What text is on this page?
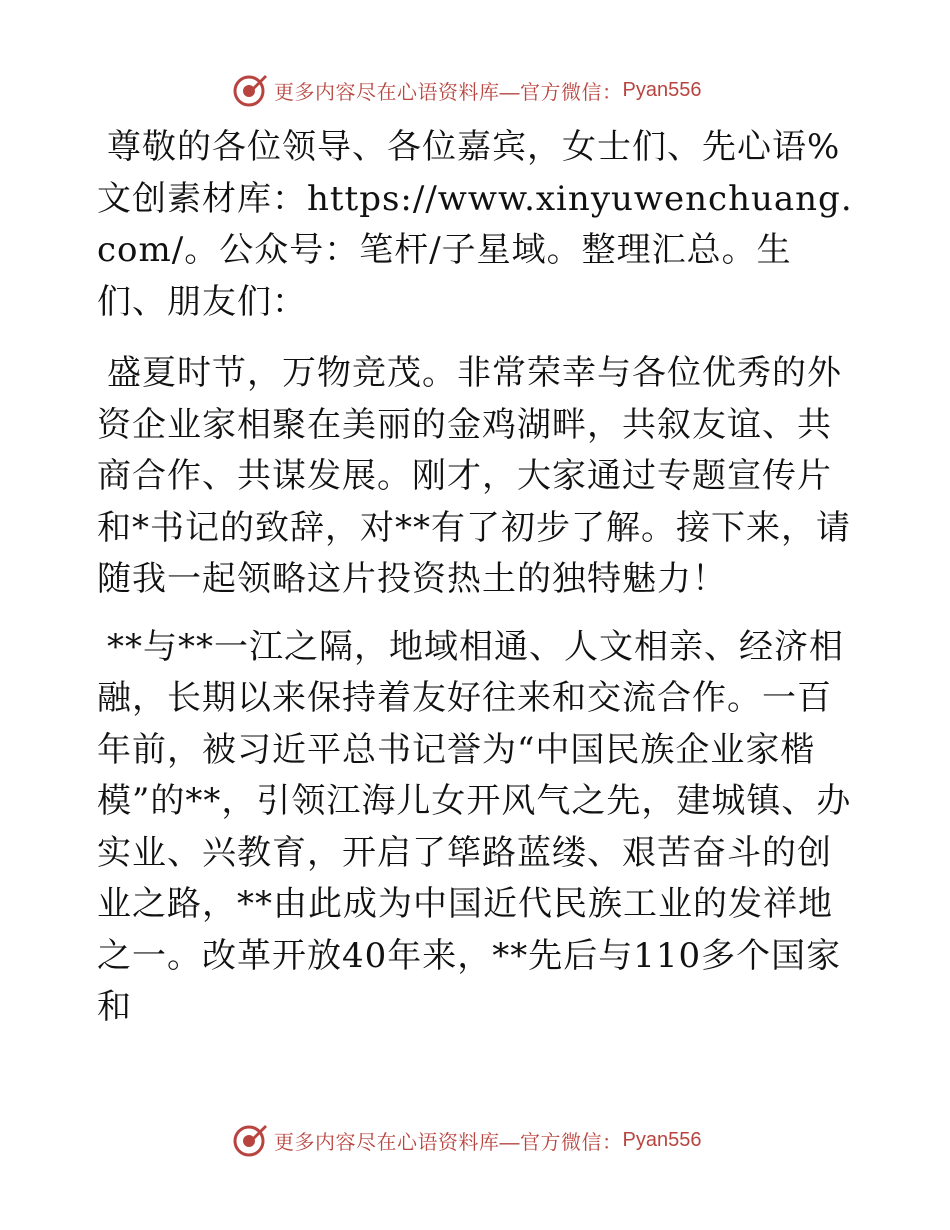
更多内容尽在心语资料库—官方微信： Pyan556

尊敬的各位领导、各位嘉宾，女士们、先心语%文创素材库：https://www.xinyuwenchuang.com/。公众号：笔杆/子星域。整理汇总。生们、朋友们：

盛夏时节，万物竞茂。非常荣幸与各位优秀的外资企业家相聚在美丽的金鸡湖畔，共叙友谊、共商合作、共谋发展。刚才，大家通过专题宣传片和*书记的致辞，对**有了初步了解。接下来，请随我一起领略这片投资热土的独特魅力！

**与**一江之隔，地域相通、人文相亲、经济相融，长期以来保持着友好往来和交流合作。一百年前，被习近平总书记誉为“中国民族企业家楷模”的**，引领江海儿女开风气之先，建城镇、办实业、兴教育，开启了筚路蓝缕、艰苦奋斗的创业之路，**由此成为中国近代民族工业的发祥地之一。改革开放40年来，**先后与110多个国家和

更多内容尽在心语资料库—官方微信： Pyan556
